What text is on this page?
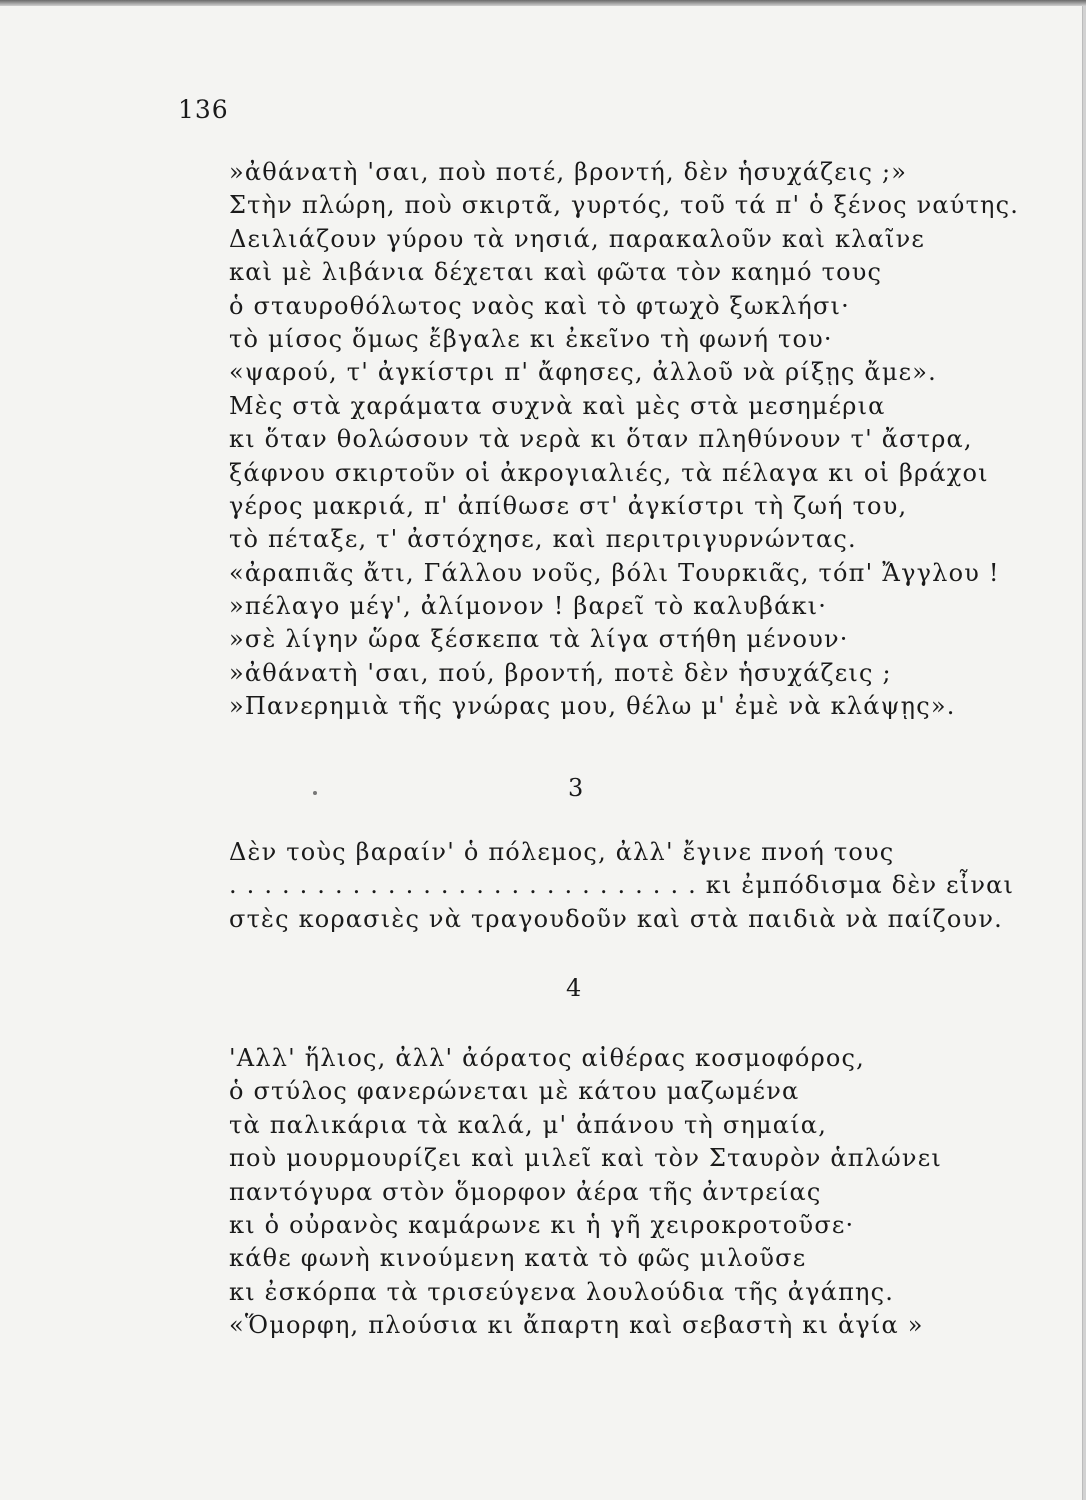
136
»ἀθάνατὴ 'σαι, ποὺ ποτέ, βροντή, δὲν ἡσυχάζεις ;»
Στὴν πλώρη, ποὺ σκιρτᾶ, γυρτός, τοῦ τά π' ὁ ξένος ναύτης.
Δειλιάζουν γύρου τὰ νησιά, παρακαλοῦν καὶ κλαῖνε
καὶ μὲ λιβάνια δέχεται καὶ φῶτα τὸν καημό τους
ὁ σταυροθόλωτος ναὸς καὶ τὸ φτωχὸ ξωκλήσι·
τὸ μίσος ὅμως ἔβγαλε κι ἐκεῖνο τὴ φωνή του·
«ψαρού, τ' ἀγκίστρι π' ἄφησες, ἀλλοῦ νὰ ρίξῃς ἄμε».
Μὲς στὰ χαράματα συχνὰ καὶ μὲς στὰ μεσημέρια
κι ὅταν θολώσουν τὰ νερὰ κι ὅταν πληθύνουν τ' ἄστρα,
ξάφνου σκιρτοῦν οἱ ἀκρογιαλιές, τὰ πέλαγα κι οἱ βράχοι
γέρος μακριά, π' ἀπίθωσε στ' ἀγκίστρι τὴ ζωή του,
τὸ πέταξε, τ' ἀστόχησε, καὶ περιτριγυρνώντας.
«ἀραπιᾶς ἄτι, Γάλλου νοῦς, βόλι Τουρκιᾶς, τόπ' Ἄγγλου !
»πέλαγο μέγ', ἀλίμονον ! βαρεῖ τὸ καλυβάκι·
»σὲ λίγην ὥρα ξέσκεπα τὰ λίγα στήθη μένουν·
»ἀθάνατὴ 'σαι, πού, βροντή, ποτὲ δὲν ἡσυχάζεις ;
»Πανερημιὰ τῆς γνώρας μου, θέλω μ' ἐμὲ νὰ κλάψῃς».
3
Δὲν τοὺς βαραίν' ὁ πόλεμος, ἀλλ' ἔγινε πνοή τους
. . . . . . . . . . . . . . . . . . . . . . . . . . . κι ἐμπόδισμα δὲν εἶναι
στὲς κορασιὲς νὰ τραγουδοῦν καὶ στὰ παιδιὰ νὰ παίζουν.
4
'Αλλ' ἥλιος, ἀλλ' ἀόρατος αἰθέρας κοσμοφόρος,
ὁ στύλος φανερώνεται μὲ κάτου μαζωμένα
τὰ παλικάρια τὰ καλά, μ' ἀπάνου τὴ σημαία,
ποὺ μουρμουρίζει καὶ μιλεῖ καὶ τὸν Σταυρὸν ἁπλώνει
παντόγυρα στὸν ὅμορφον ἀέρα τῆς ἀντρείας
κι ὁ οὐρανὸς καμάρωνε κι ἡ γῆ χειροκροτοῦσε·
κάθε φωνὴ κινούμενη κατὰ τὸ φῶς μιλοῦσε
κι ἐσκόρπα τὰ τρισεύγενα λουλούδια τῆς ἀγάπης.
«Ὅμορφη, πλούσια κι ἄπαρτη καὶ σεβαστὴ κι ἁγία »
